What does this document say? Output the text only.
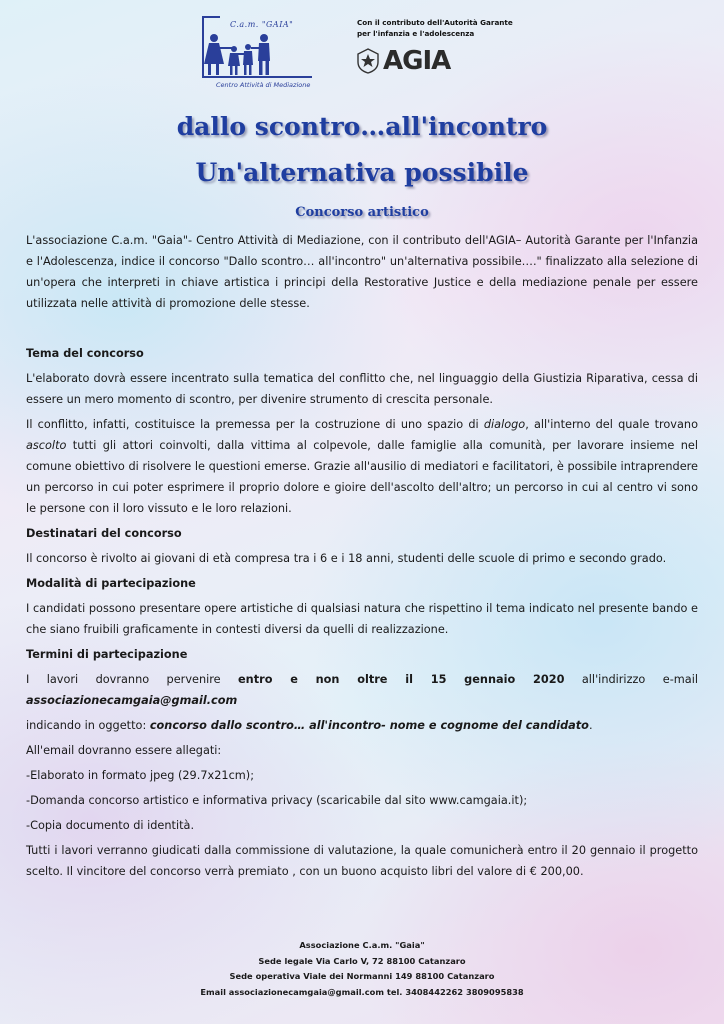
C.a.m. "GAIA"
Centro Attività di Mediazione
Con il contributo dell'Autorità Garante
per l'infanzia e l'adolescenza
AGIA
dallo scontro…all'incontro
Un'alternativa possibile
Concorso artistico

L'associazione C.a.m. "Gaia"- Centro Attività di Mediazione, con il contributo dell'AGIA– Autorità Garante per l'Infanzia e l'Adolescenza, indice il concorso "Dallo scontro… all'incontro" un'alternativa possibile…." finalizzato alla selezione di un'opera che interpreti in chiave artistica i principi della Restorative Justice e della mediazione penale per essere utilizzata nelle attività di promozione delle stesse.

Tema del concorso

L'elaborato dovrà essere incentrato sulla tematica del conflitto che, nel linguaggio della Giustizia Riparativa, cessa di essere un mero momento di scontro, per divenire strumento di crescita personale.

Il conflitto, infatti, costituisce la premessa per la costruzione di uno spazio di dialogo, all'interno del quale trovano ascolto tutti gli attori coinvolti, dalla vittima al colpevole, dalle famiglie alla comunità, per lavorare insieme nel comune obiettivo di risolvere le questioni emerse. Grazie all'ausilio di mediatori e facilitatori, è possibile intraprendere un percorso in cui poter esprimere il proprio dolore e gioire dell'ascolto dell'altro; un percorso in cui al centro vi sono le persone con il loro vissuto e le loro relazioni.

Destinatari del concorso

Il concorso è rivolto ai giovani di età compresa tra i 6 e i 18 anni, studenti delle scuole di primo e secondo grado.

Modalità di partecipazione

I candidati possono presentare opere artistiche di qualsiasi natura che rispettino il tema indicato nel presente bando e che siano fruibili graficamente in contesti diversi da quelli di realizzazione.

Termini di partecipazione

I lavori dovranno pervenire entro e non oltre il 15 gennaio 2020 all'indirizzo e-mail associazionecamgaia@gmail.com

indicando in oggetto: concorso dallo scontro… all'incontro- nome e cognome del candidato.

All'email dovranno essere allegati:

-Elaborato in formato jpeg (29.7x21cm);

-Domanda concorso artistico e informativa privacy (scaricabile dal sito www.camgaia.it);

-Copia documento di identità.

Tutti i lavori verranno giudicati dalla commissione di valutazione, la quale comunicherà entro il 20 gennaio il progetto scelto. Il vincitore del concorso verrà premiato , con un buono acquisto libri del valore di € 200,00.

Associazione C.a.m. "Gaia"
Sede legale Via Carlo V, 72 88100 Catanzaro
Sede operativa Viale dei Normanni 149 88100 Catanzaro
Email associazionecamgaia@gmail.com tel. 3408442262 3809095838
